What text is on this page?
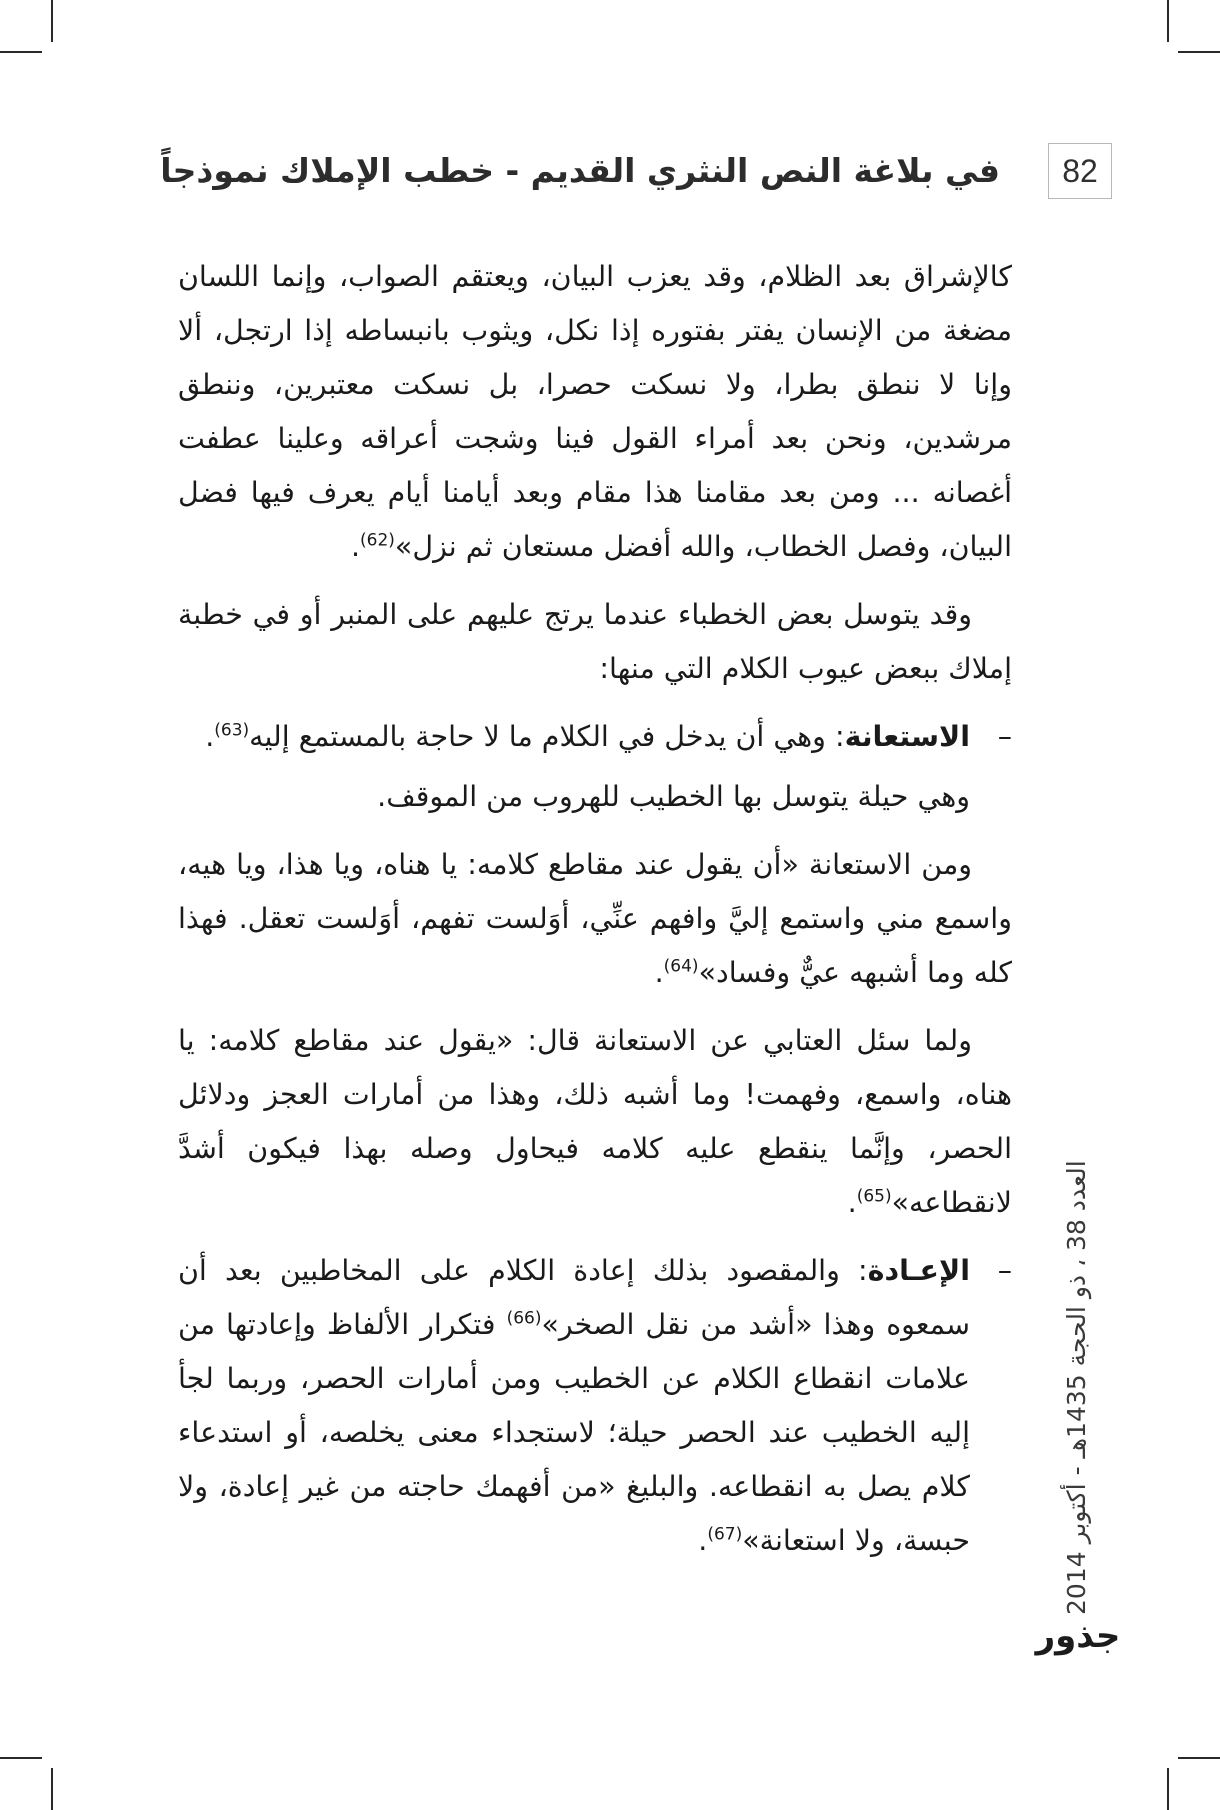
82
في بلاغة النص النثري القديم - خطب الإملاك نموذجاً

كالإشراق بعد الظلام، وقد يعزب البيان، ويعتقم الصواب، وإنما اللسان مضغة من الإنسان يفتر بفتوره إذا نكل، ويثوب بانبساطه إذا ارتجل، ألا وإنا لا ننطق بطرا، ولا نسكت حصرا، بل نسكت معتبرين، وننطق مرشدين، ونحن بعد أمراء القول فينا وشجت أعراقه وعلينا عطفت أغصانه ... ومن بعد مقامنا هذا مقام وبعد أيامنا أيام يعرف فيها فضل البيان، وفصل الخطاب، والله أفضل مستعان ثم نزل»$^{(62)}$.

وقد يتوسل بعض الخطباء عندما يرتج عليهم على المنبر أو في خطبة إملاك ببعض عيوب الكلام التي منها:

–
الاستعانة: وهي أن يدخل في الكلام ما لا حاجة بالمستمع إليه$^{(63)}$.

وهي حيلة يتوسل بها الخطيب للهروب من الموقف.

ومن الاستعانة «أن يقول عند مقاطع كلامه: يا هناه، ويا هذا، ويا هيه، واسمع مني واستمع إليَّ وافهم عنِّي، أوَلست تفهم، أوَلست تعقل. فهذا كله وما أشبهه عيٌّ وفساد»$^{(64)}$.

ولما سئل العتابي عن الاستعانة قال: «يقول عند مقاطع كلامه: يا هناه، واسمع، وفهمت! وما أشبه ذلك، وهذا من أمارات العجز ودلائل الحصر، وإنَّما ينقطع عليه كلامه فيحاول وصله بهذا فيكون أشدَّ لانقطاعه»$^{(65)}$.

–
الإعـادة: والمقصود بذلك إعادة الكلام على المخاطبين بعد أن سمعوه وهذا «أشد من نقل الصخر»$^{(66)}$ فتكرار الألفاظ وإعادتها من علامات انقطاع الكلام عن الخطيب ومن أمارات الحصر، وربما لجأ إليه الخطيب عند الحصر حيلة؛ لاستجداء معنى يخلصه، أو استدعاء كلام يصل به انقطاعه. والبليغ «من أفهمك حاجته من غير إعادة، ولا حبسة، ولا استعانة»$^{(67)}$.

العدد 38 ، ذو الحجة 1435هـ - أكتوبر 2014
جذور
